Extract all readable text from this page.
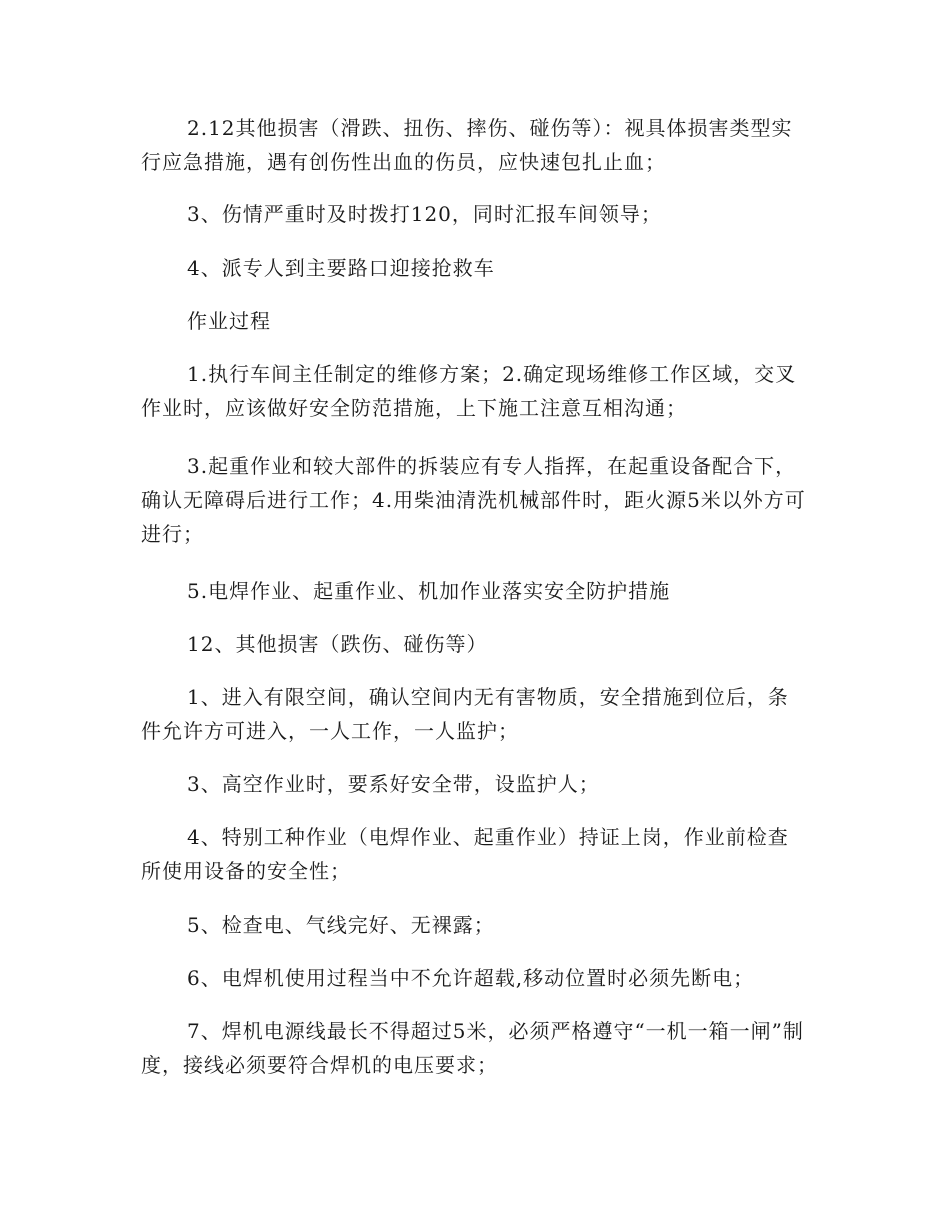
2.12其他损害（滑跌、扭伤、摔伤、碰伤等）：视具体损害类型实行应急措施，遇有创伤性出血的伤员，应快速包扎止血；

3、伤情严重时及时拨打120，同时汇报车间领导；

4、派专人到主要路口迎接抢救车

作业过程

1.执行车间主任制定的维修方案；2.确定现场维修工作区域，交叉作业时，应该做好安全防范措施，上下施工注意互相沟通；

3.起重作业和较大部件的拆装应有专人指挥，在起重设备配合下，确认无障碍后进行工作；4.用柴油清洗机械部件时，距火源5米以外方可进行；

5.电焊作业、起重作业、机加作业落实安全防护措施

12、其他损害（跌伤、碰伤等）

1、进入有限空间，确认空间内无有害物质，安全措施到位后，条件允许方可进入，一人工作，一人监护；

3、高空作业时，要系好安全带，设监护人；

4、特别工种作业（电焊作业、起重作业）持证上岗，作业前检查所使用设备的安全性；

5、检查电、气线完好、无裸露；

6、电焊机使用过程当中不允许超载,移动位置时必须先断电；

7、焊机电源线最长不得超过5米，必须严格遵守“一机一箱一闸”制度，接线必须要符合焊机的电压要求；
